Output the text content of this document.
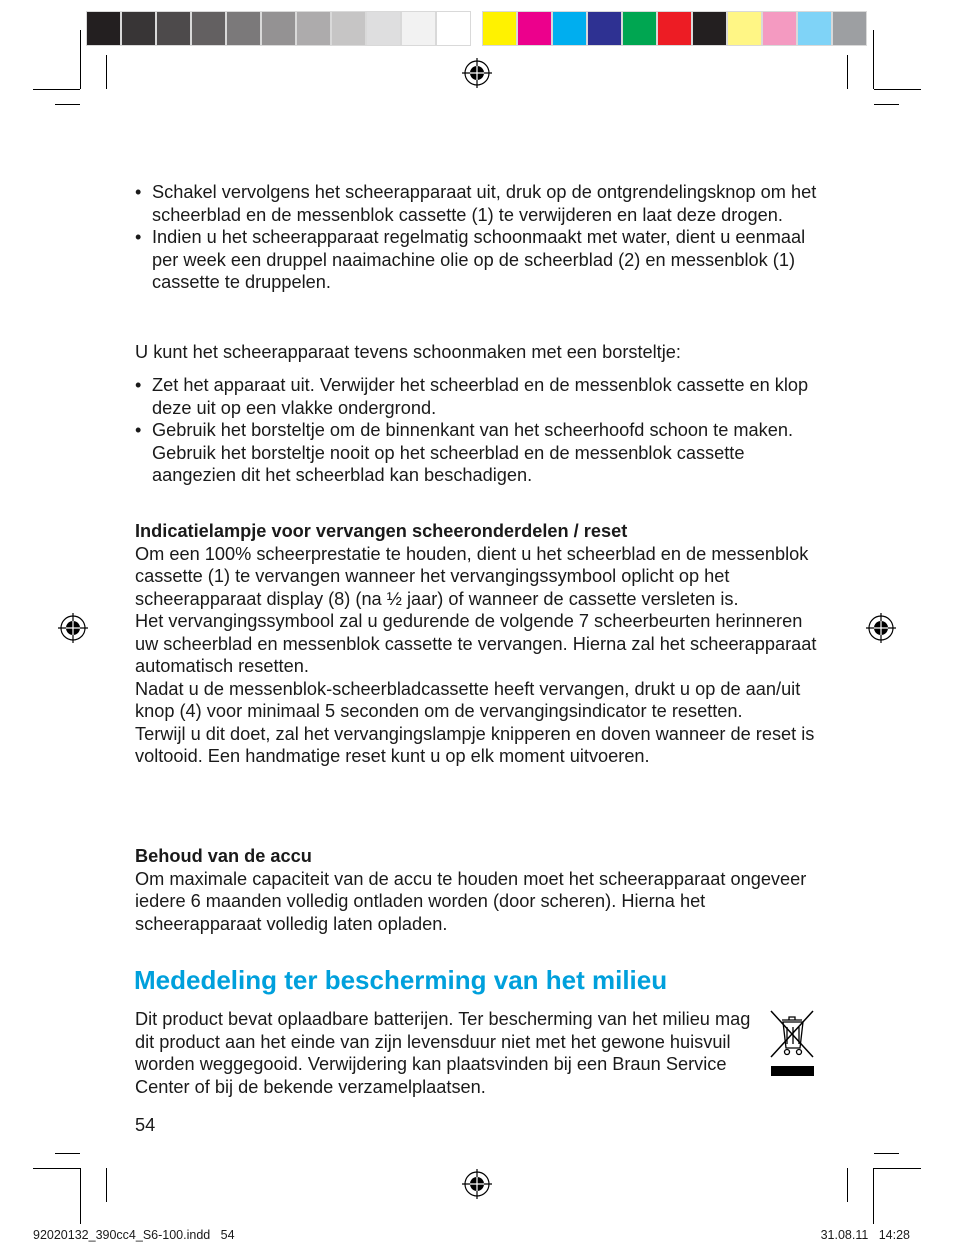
• Schakel vervolgens het scheerapparaat uit, druk op de ontgrendelingsknop om het scheerblad en de messenblok cassette (1) te verwijderen en laat deze drogen.
• Indien u het scheerapparaat regelmatig schoonmaakt met water, dient u eenmaal per week een druppel naaimachine olie op de scheerblad (2) en messenblok (1) cassette te druppelen.
U kunt het scheerapparaat tevens schoonmaken met een borsteltje:
• Zet het apparaat uit. Verwijder het scheerblad en de messenblok cassette en klop deze uit op een vlakke ondergrond.
• Gebruik het borsteltje om de binnenkant van het scheerhoofd schoon te maken. Gebruik het borsteltje nooit op het scheerblad en de messenblok cassette aangezien dit het scheerblad kan beschadigen.
Indicatielampje voor vervangen scheeronderdelen / reset
Om een 100% scheerprestatie te houden, dient u het scheerblad en de messenblok cassette (1) te vervangen wanneer het vervangingssymbool oplicht op het scheerapparaat display (8) (na ½ jaar) of wanneer de cassette versleten is.
Het vervangingssymbool zal u gedurende de volgende 7 scheerbeurten herinneren uw scheerblad en messenblok cassette te vervangen. Hierna zal het scheerapparaat automatisch resetten.
Nadat u de messenblok-scheerbladcassette heeft vervangen, drukt u op de aan/uit knop (4) voor minimaal 5 seconden om de vervangingsindicator te resetten.
Terwijl u dit doet, zal het vervangingslampje knipperen en doven wanneer de reset is voltooid. Een handmatige reset kunt u op elk moment uitvoeren.
Behoud van de accu
Om maximale capaciteit van de accu te houden moet het scheerapparaat ongeveer iedere 6 maanden volledig ontladen worden (door scheren). Hierna het scheerapparaat volledig laten opladen.
Mededeling ter bescherming van het milieu
Dit product bevat oplaadbare batterijen. Ter bescherming van het milieu mag dit product aan het einde van zijn levensduur niet met het gewone huisvuil worden weggegooid. Verwijdering kan plaatsvinden bij een Braun Service Center of bij de bekende verzamelplaatsen.
54
92020132_390cc4_S6-100.indd   54	31.08.11   14:28
